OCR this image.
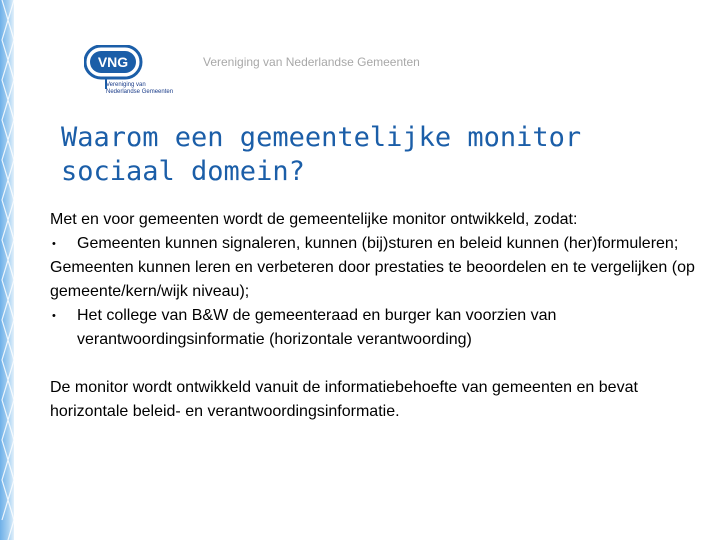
VNG
Vereniging van Nederlandse Gemeenten
Vereniging van Nederlandse Gemeenten
Waarom een gemeentelijke monitor
sociaal domein?

Met en voor gemeenten wordt de gemeentelijke monitor ontwikkeld, zodat:

• Gemeenten kunnen signaleren, kunnen (bij)sturen en beleid kunnen (her)formuleren;

Gemeenten kunnen leren en verbeteren door prestaties te beoordelen en te vergelijken (op gemeente/kern/wijk niveau);

• Het college van B&W de gemeenteraad en burger kan voorzien van verantwoordingsinformatie (horizontale verantwoording)

De monitor wordt ontwikkeld vanuit de informatiebehoefte van gemeenten en bevat horizontale beleid- en verantwoordingsinformatie.
